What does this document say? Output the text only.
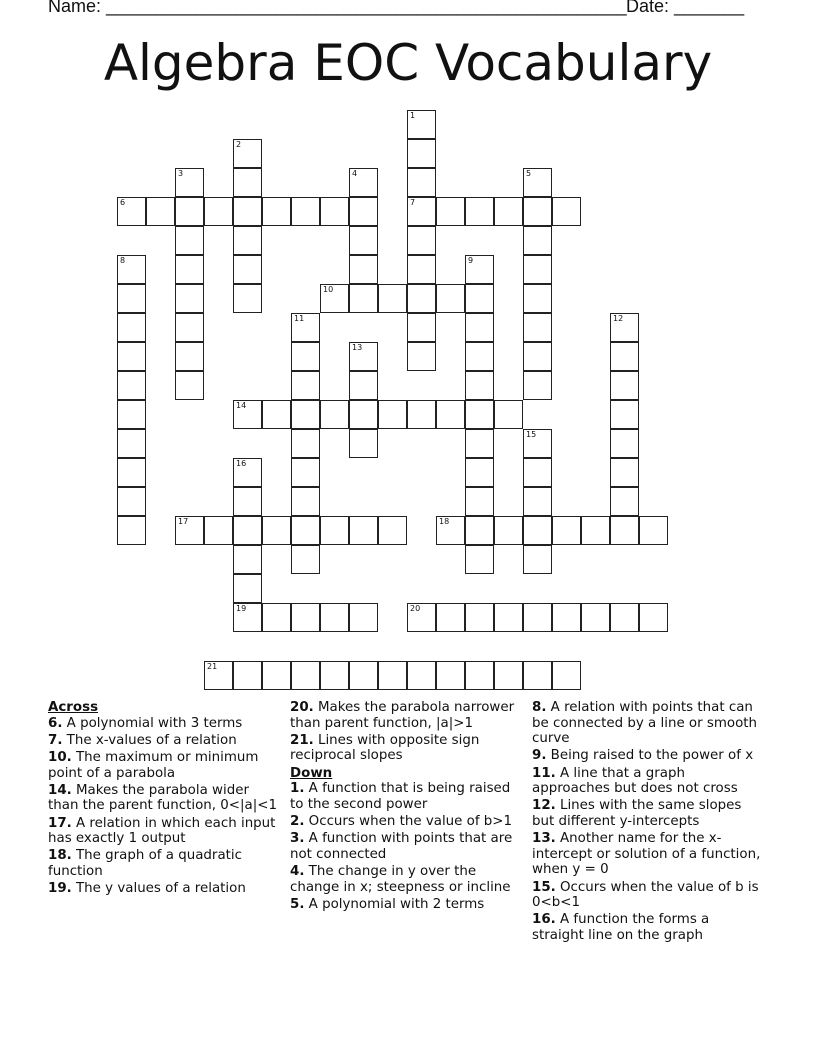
Name: ____________________________________________________ Date: _______
Algebra EOC Vocabulary
1
7
2
3	4	5
6
8	9
10
11	12
13
14
15
16
19
17	18
20
21
Across
6. A polynomial with 3 terms
7. The x-values of a relation
10. The maximum or minimum point of a parabola
14. Makes the parabola wider than the parent function, 0<|a|<1
17. A relation in which each input has exactly 1 output
18. The graph of a quadratic function
19. The y values of a relation
20. Makes the parabola narrower than parent function, |a|>1
21. Lines with opposite sign reciprocal slopes
Down
1. A function that is being raised to the second power
2. Occurs when the value of b>1
3. A function with points that are not connected
4. The change in y over the change in x; steepness or incline
5. A polynomial with 2 terms
8. A relation with points that can be connected by a line or smooth curve
9. Being raised to the power of x
11. A line that a graph approaches but does not cross
12. Lines with the same slopes but different y-intercepts
13. Another name for the x-intercept or solution of a function, when y = 0
15. Occurs when the value of b is 0<b<1
16. A function the forms a straight line on the graph
